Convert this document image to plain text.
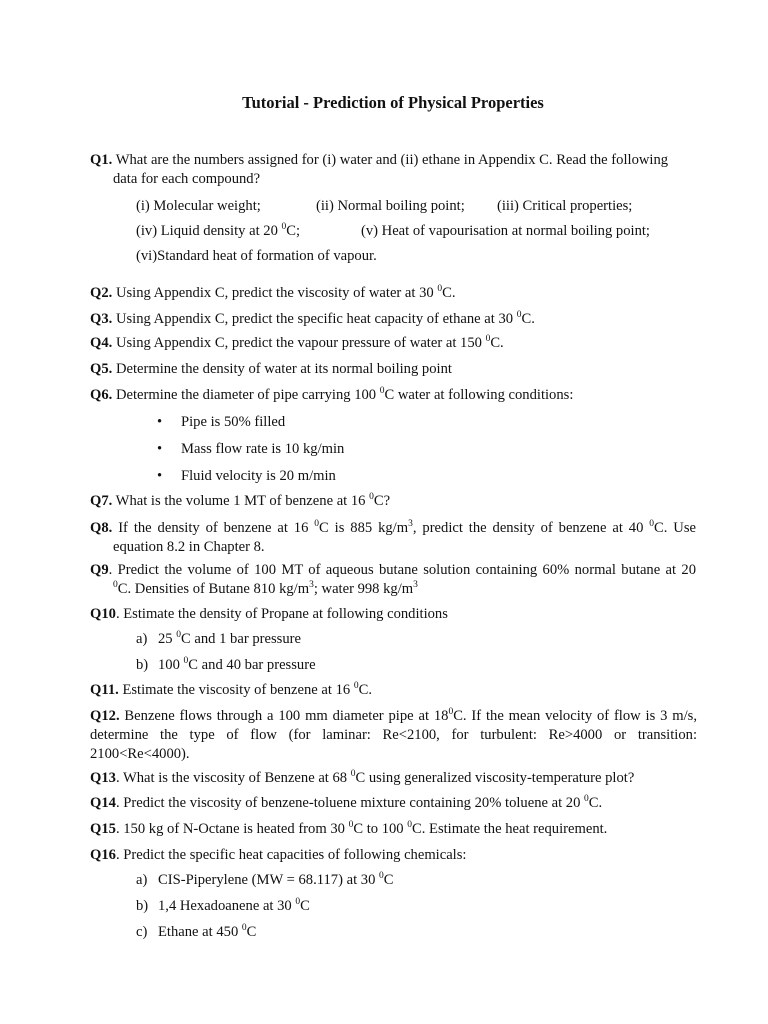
Tutorial - Prediction of Physical Properties
Q1. What are the numbers assigned for (i) water and (ii) ethane in Appendix C. Read the following
data for each compound?
(i) Molecular weight;	(ii) Normal boiling point; (iii) Critical properties;
(iv) Liquid density at 20 $^0$C;	(v) Heat of vapourisation at normal boiling point;
(vi)Standard heat of formation of vapour.
Q2. Using Appendix C, predict the viscosity of water at 30 $^0$C.
Q3. Using Appendix C, predict the specific heat capacity of ethane at 30 $^0$C.
Q4. Using Appendix C, predict the vapour pressure of water at 150 $^0$C.
Q5. Determine the density of water at its normal boiling point
Q6. Determine the diameter of pipe carrying 100 $^0$C water at following conditions:
• Pipe is 50% filled
• Mass flow rate is 10 kg/min
• Fluid velocity is 20 m/min
Q7. What is the volume 1 MT of benzene at 16 $^0$C?
Q8. If the density of benzene at 16 $^0$C is 885 $kg/m^3$, predict the density of benzene at 40 $^0$C. Use
equation 8.2 in Chapter 8.
Q9. Predict the volume of 100 MT of aqueous butane solution containing 60% normal butane at 20
$^0$C. Densities of Butane 810 $kg/m^3$; water 998 $kg/m^3$
Q10. Estimate the density of Propane at following conditions
a) 25 $^0$C and 1 bar pressure
b) 100 $^0$C and 40 bar pressure
Q11. Estimate the viscosity of benzene at 16 $^0$C.
Q12. Benzene flows through a 100 mm diameter pipe at $18^0C$. If the mean velocity of flow is 3 m/s, determine the type of flow (for laminar: Re<2100, for turbulent: Re>4000 or transition: 2100<Re<4000).
Q13. What is the viscosity of Benzene at 68 $^0$C using generalized viscosity-temperature plot?
Q14. Predict the viscosity of benzene-toluene mixture containing 20% toluene at 20 $^0$C.
Q15. 150 kg of N-Octane is heated from 30 $^0$C to 100 $^0$C. Estimate the heat requirement.
Q16. Predict the specific heat capacities of following chemicals:
a) CIS-Piperylene (MW = 68.117) at 30 $^0$C
b) 1,4 Hexadoanene at 30 $^0$C
c) Ethane at 450 $^0$C
